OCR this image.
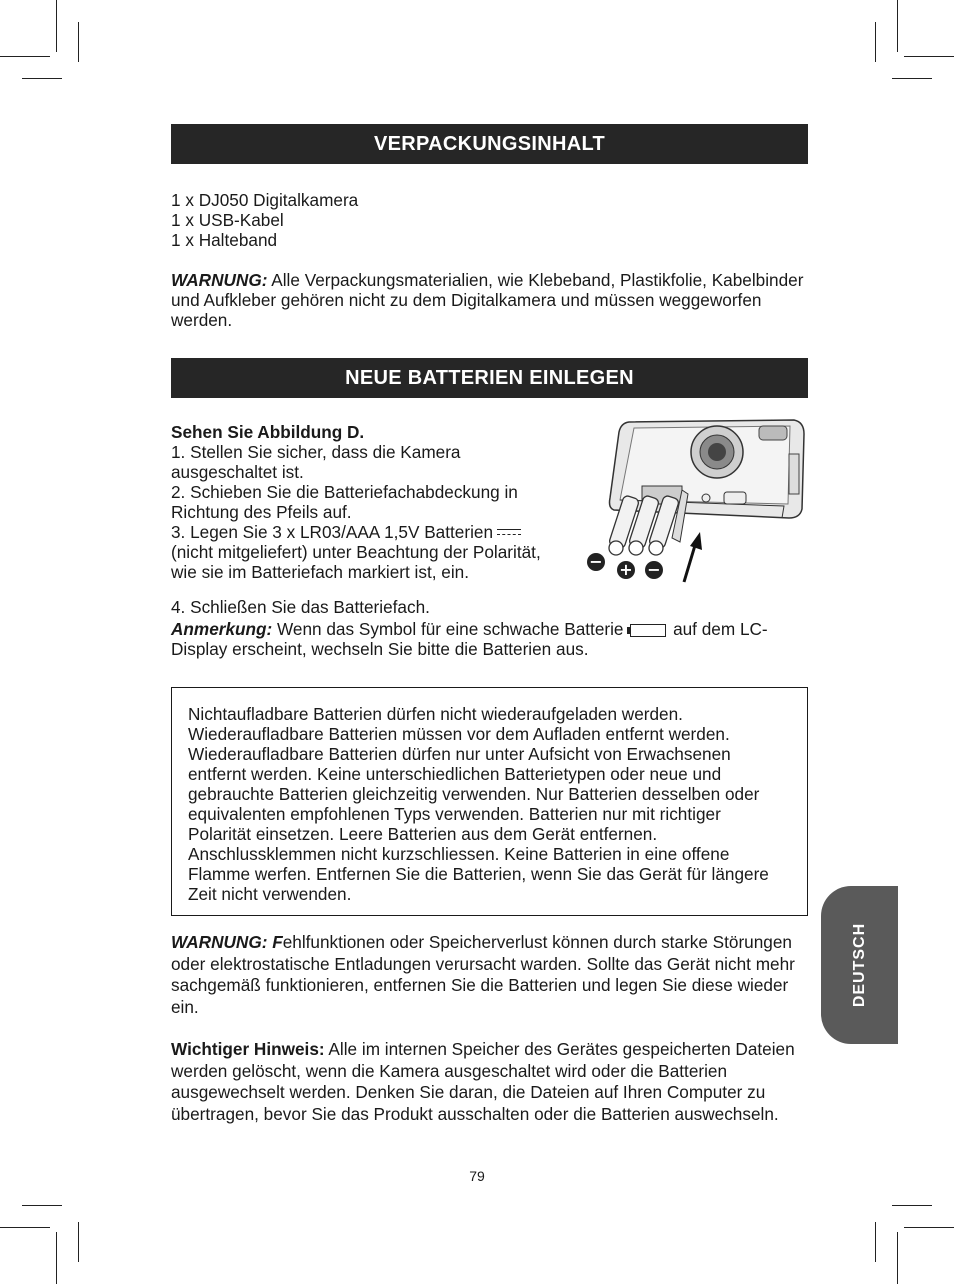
VERPACKUNGSINHALT

1 x DJ050 Digitalkamera

1 x USB-Kabel

1 x Halteband

WARNUNG: Alle Verpackungsmaterialien, wie Klebeband, Plastikfolie, Kabelbinder und Aufkleber gehören nicht zu dem Digitalkamera und müssen weggeworfen werden.

NEUE BATTERIEN EINLEGEN

Sehen Sie Abbildung D.

1. Stellen Sie sicher, dass die Kamera ausgeschaltet ist.

2. Schieben Sie die Batteriefachabdeckung in Richtung des Pfeils auf.

3. Legen Sie 3 x LR03/AAA 1,5V Batterien
(nicht mitgeliefert) unter Beachtung der Polarität, wie sie im Batteriefach markiert ist, ein.

4. Schließen Sie das Batteriefach.

Anmerkung: Wenn das Symbol für eine schwache Batterie	auf dem LC-Display erscheint, wechseln Sie bitte die Batterien aus.

− + −

Nichtaufladbare Batterien dürfen nicht wiederaufgeladen werden. Wiederaufladbare Batterien müssen vor dem Aufladen entfernt werden. Wiederaufladbare Batterien dürfen nur unter Aufsicht von Erwachsenen entfernt werden. Keine unterschiedlichen Batterietypen oder neue und gebrauchte Batterien gleichzeitig verwenden. Nur Batterien desselben oder equivalenten empfohlenen Typs verwenden. Batterien nur mit richtiger Polarität einsetzen. Leere Batterien aus dem Gerät entfernen. Anschlussklemmen nicht kurzschliessen. Keine Batterien in eine offene Flamme werfen. Entfernen Sie die Batterien, wenn Sie das Gerät für längere Zeit nicht verwenden.

WARNUNG: Fehlfunktionen oder Speicherverlust können durch starke Störungen oder elektrostatische Entladungen verursacht warden. Sollte das Gerät nicht mehr sachgemäß funktionieren, entfernen Sie die Batterien und legen Sie diese wieder ein.

Wichtiger Hinweis: Alle im internen Speicher des Gerätes gespeicherten Dateien werden gelöscht, wenn die Kamera ausgeschaltet wird oder die Batterien ausgewechselt werden. Denken Sie daran, die Dateien auf Ihren Computer zu übertragen, bevor Sie das Produkt ausschalten oder die Batterien auswechseln.

DEUTSCH
79
